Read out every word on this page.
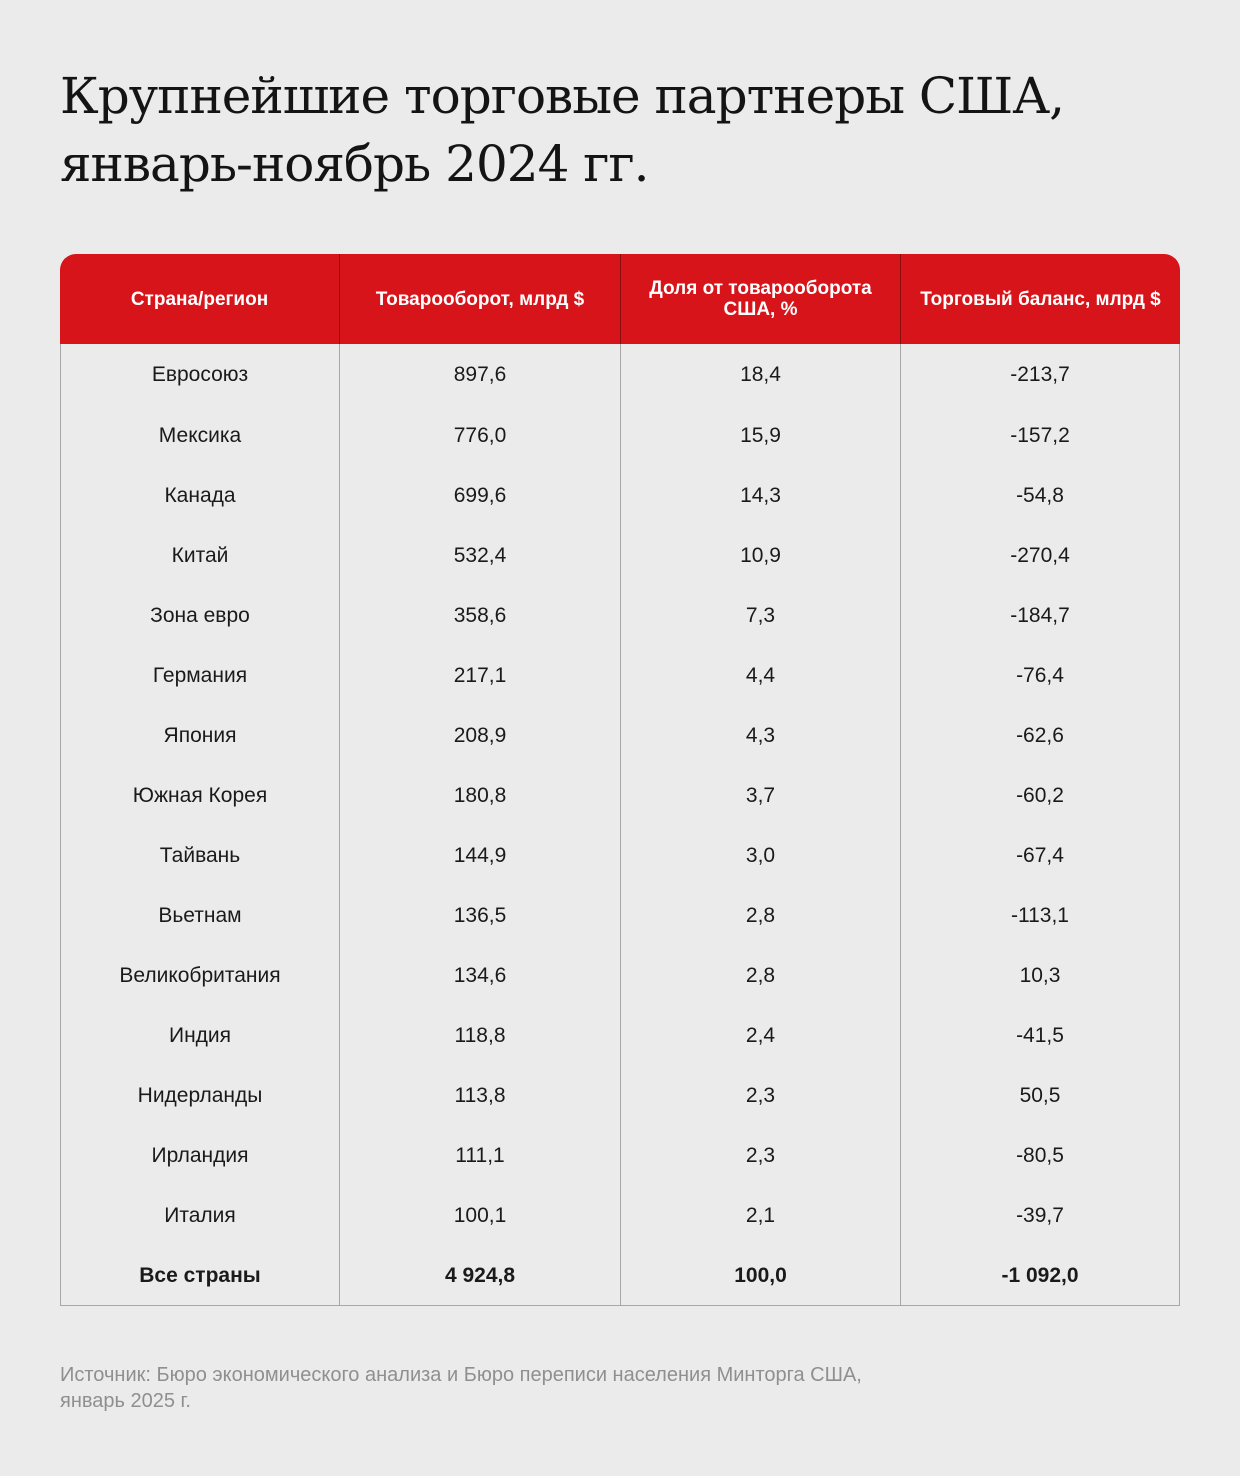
Крупнейшие торговые партнеры США,
январь-ноябрь 2024 гг.
Страна/регион	Товарооборот, млрд $	Доля от товарооборота США, %	Торговый баланс, млрд $
Евросоюз	897,6	18,4	-213,7
Мексика	776,0	15,9	-157,2
Канада	699,6	14,3	-54,8
Китай	532,4	10,9	-270,4
Зона евро	358,6	7,3	-184,7
Германия	217,1	4,4	-76,4
Япония	208,9	4,3	-62,6
Южная Корея	180,8	3,7	-60,2
Тайвань	144,9	3,0	-67,4
Вьетнам	136,5	2,8	-113,1
Великобритания	134,6	2,8	10,3
Индия	118,8	2,4	-41,5
Нидерланды	113,8	2,3	50,5
Ирландия	111,1	2,3	-80,5
Италия	100,1	2,1	-39,7
Все страны	4 924,8	100,0	-1 092,0
Источник: Бюро экономического анализа и Бюро переписи населения Минторга США,
январь 2025 г.
